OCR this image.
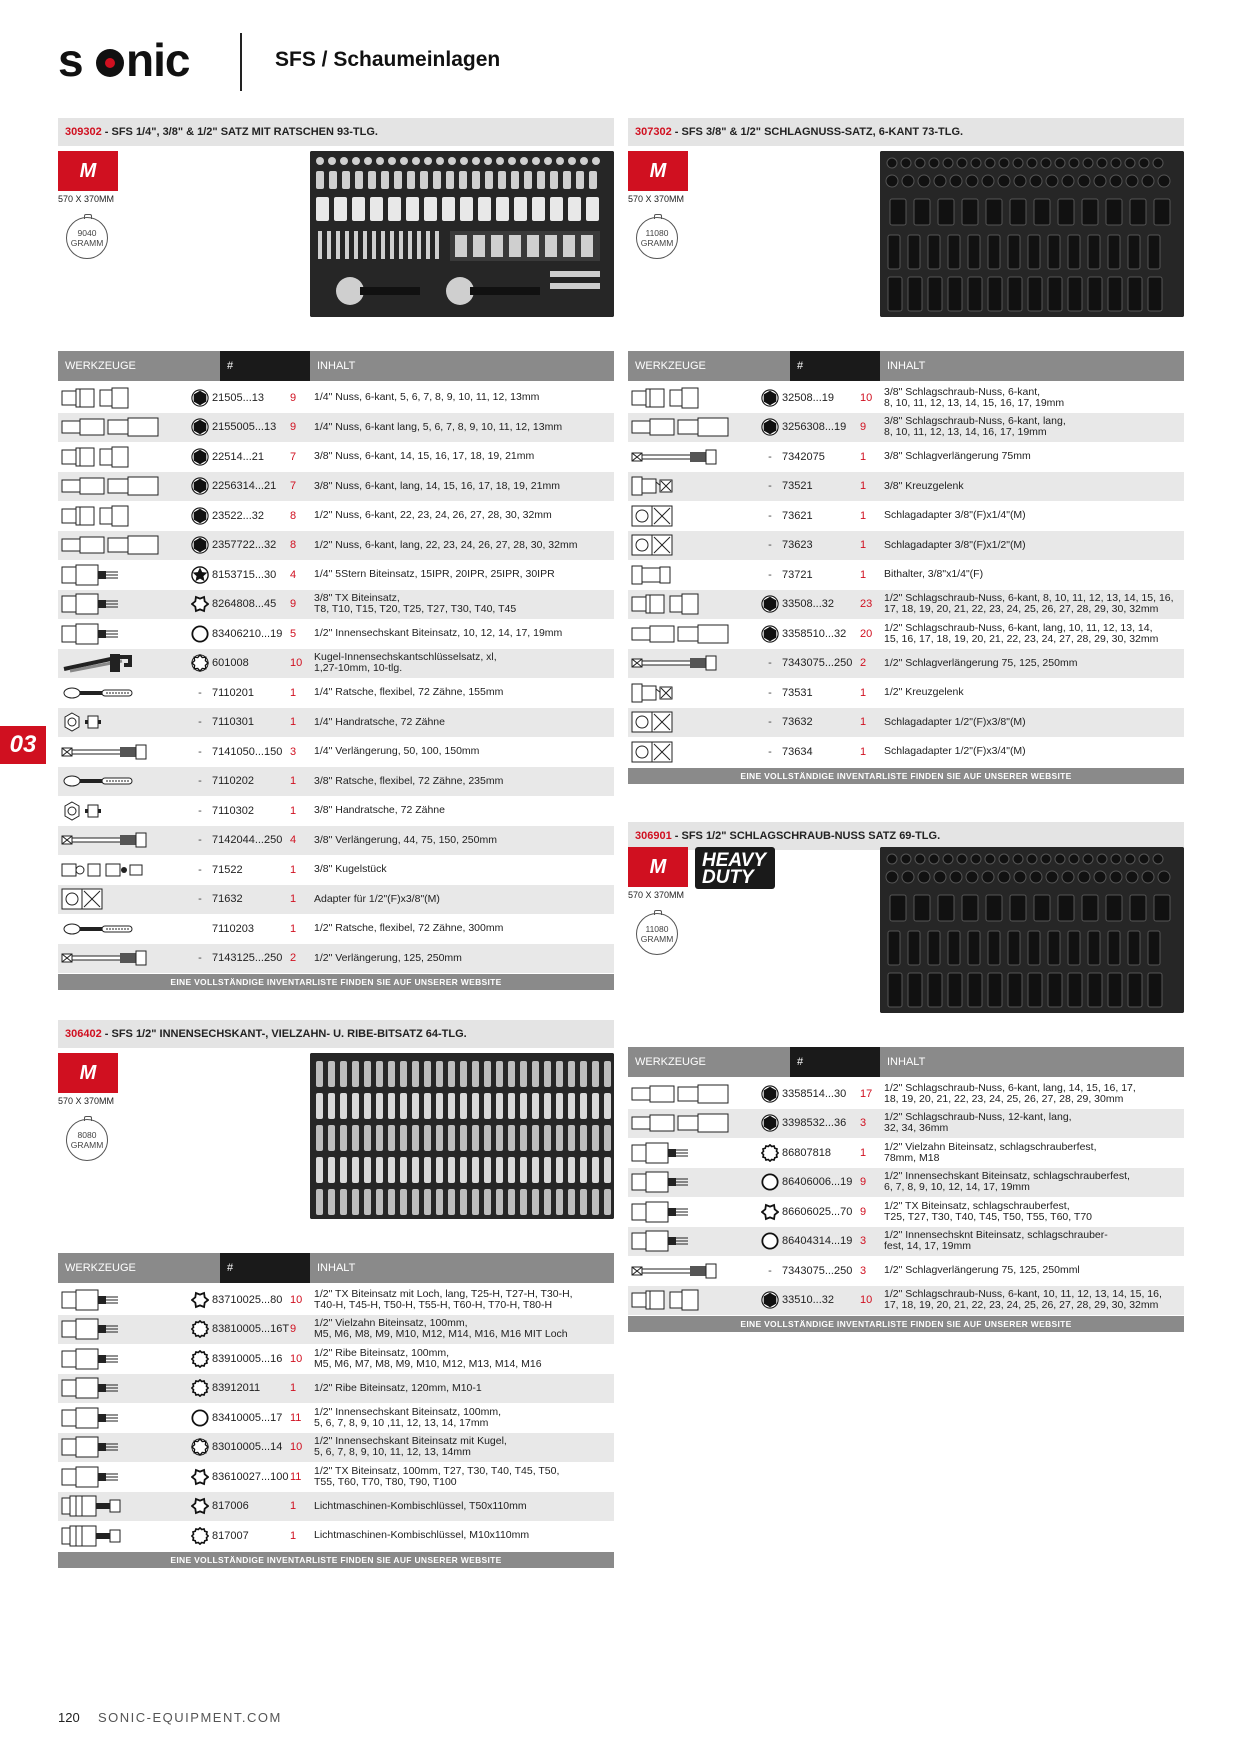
s nic	SFS / Schaumeinlagen
03
309302 - SFS 1/4", 3/8" & 1/2" SATZ MIT RATSCHEN 93-TLG.
M
570 X 370MM
9040
GRAMM
WERKZEUGE	#	INHALT
21505...13	9	1/4" Nuss, 6-kant, 5, 6, 7, 8, 9, 10, 11, 12, 13mm
2155005...13	9	1/4" Nuss, 6-kant lang, 5, 6, 7, 8, 9, 10, 11, 12, 13mm
22514...21	7	3/8" Nuss, 6-kant, 14, 15, 16, 17, 18, 19, 21mm
2256314...21	7	3/8" Nuss, 6-kant, lang, 14, 15, 16, 17, 18, 19, 21mm
23522...32	8	1/2" Nuss, 6-kant, 22, 23, 24, 26, 27, 28, 30, 32mm
2357722...32	8	1/2" Nuss, 6-kant, lang, 22, 23, 24, 26, 27, 28, 30, 32mm
8153715...30	4	1/4" 5Stern Biteinsatz, 15IPR, 20IPR, 25IPR, 30IPR
8264808...45	9	3/8" TX Biteinsatz,
T8, T10, T15, T20, T25, T27, T30, T40, T45
83406210...19 5	1/2" Innensechskant Biteinsatz, 10, 12, 14, 17, 19mm
601008	10	Kugel-Innensechskantschlüsselsatz, xl,
1,27-10mm, 10-tlg.
- 7110201	1	1/4" Ratsche, flexibel, 72 Zähne, 155mm
- 7110301	1	1/4" Handratsche, 72 Zähne
- 7141050...150 3	1/4" Verlängerung, 50, 100, 150mm
- 7110202	1	3/8" Ratsche, flexibel, 72 Zähne, 235mm
- 7110302	1	3/8" Handratsche, 72 Zähne
- 7142044...250 4	3/8" Verlängerung, 44, 75, 150, 250mm
- 71522	1	3/8" Kugelstück
- 71632	1	Adapter für 1/2"(F)x3/8"(M)
7110203	1	1/2" Ratsche, flexibel, 72 Zähne, 300mm
- 7143125...250 2	1/2" Verlängerung, 125, 250mm
EINE VOLLSTÄNDIGE INVENTARLISTE FINDEN SIE AUF UNSERER WEBSITE
306402 - SFS 1/2" INNENSECHSKANT-, VIELZAHN- U. RIBE-BITSATZ 64-TLG.
M
570 X 370MM
8080
GRAMM
WERKZEUGE	#	INHALT
83710025...80 10	1/2" TX Biteinsatz mit Loch, lang, T25-H, T27-H, T30-H,
T40-H, T45-H, T50-H, T55-H, T60-H, T70-H, T80-H
83810005...16T 9	1/2" Vielzahn Biteinsatz, 100mm,
M5, M6, M8, M9, M10, M12, M14, M16, M16 MIT Loch
83910005...16 10	1/2" Ribe Biteinsatz, 100mm,
M5, M6, M7, M8, M9, M10, M12, M13, M14, M16
83912011	1	1/2" Ribe Biteinsatz, 120mm, M10-1
83410005...17 11	1/2" Innensechskant Biteinsatz, 100mm,
5, 6, 7, 8, 9, 10 ,11, 12, 13, 14, 17mm
83010005...14 10	1/2" Innensechskant Biteinsatz mit Kugel,
5, 6, 7, 8, 9, 10, 11, 12, 13, 14mm
83610027...100 11	1/2" TX Biteinsatz, 100mm, T27, T30, T40, T45, T50,
T55, T60, T70, T80, T90, T100
817006	1	Lichtmaschinen-Kombischlüssel, T50x110mm
817007	1	Lichtmaschinen-Kombischlüssel, M10x110mm
EINE VOLLSTÄNDIGE INVENTARLISTE FINDEN SIE AUF UNSERER WEBSITE
307302 - SFS 3/8" & 1/2" SCHLAGNUSS-SATZ, 6-KANT 73-TLG.
M
570 X 370MM
11080
GRAMM
WERKZEUGE	#	INHALT
32508...19	10	3/8" Schlagschraub-Nuss, 6-kant,
8, 10, 11, 12, 13, 14, 15, 16, 17, 19mm
3256308...19	9	3/8" Schlagschraub-Nuss, 6-kant, lang,
8, 10, 11, 12, 13, 14, 16, 17, 19mm
- 7342075	1	3/8" Schlagverlängerung 75mm
- 73521	1	3/8" Kreuzgelenk
- 73621	1	Schlagadapter 3/8"(F)x1/4"(M)
- 73623	1	Schlagadapter 3/8"(F)x1/2"(M)
- 73721	1	Bithalter, 3/8"x1/4"(F)
33508...32	23	1/2" Schlagschraub-Nuss, 6-kant, 8, 10, 11, 12, 13, 14, 15, 16,
17, 18, 19, 20, 21, 22, 23, 24, 25, 26, 27, 28, 29, 30, 32mm
3358510...32	20	1/2" Schlagschraub-Nuss, 6-kant, lang, 10, 11, 12, 13, 14,
15, 16, 17, 18, 19, 20, 21, 22, 23, 24, 27, 28, 29, 30, 32mm
- 7343075...250 2	1/2" Schlagverlängerung 75, 125, 250mm
- 73531	1	1/2" Kreuzgelenk
- 73632	1	Schlagadapter 1/2"(F)x3/8"(M)
- 73634	1	Schlagadapter 1/2"(F)x3/4"(M)
EINE VOLLSTÄNDIGE INVENTARLISTE FINDEN SIE AUF UNSERER WEBSITE
306901 - SFS 1/2" SCHLAGSCHRAUB-NUSS SATZ 69-TLG.
M	HEAVY
DUTY
570 X 370MM
11080
GRAMM
WERKZEUGE	#	INHALT
3358514...30	17	1/2" Schlagschraub-Nuss, 6-kant, lang, 14, 15, 16, 17,
18, 19, 20, 21, 22, 23, 24, 25, 26, 27, 28, 29, 30mm
3398532...36	3	1/2" Schlagschraub-Nuss, 12-kant, lang,
32, 34, 36mm
86807818	1	1/2" Vielzahn Biteinsatz, schlagschrauberfest,
78mm, M18
86406006...19 9	1/2" Innensechskant Biteinsatz, schlagschrauberfest,
6, 7, 8, 9, 10, 12, 14, 17, 19mm
86606025...70 9	1/2" TX Biteinsatz, schlagschrauberfest,
T25, T27, T30, T40, T45, T50, T55, T60, T70
86404314...19 3	1/2" Innensechsknt Biteinsatz, schlagschrauber-
fest, 14, 17, 19mm
- 7343075...250 3	1/2" Schlagverlängerung 75, 125, 250mml
33510...32	10	1/2" Schlagschraub-Nuss, 6-kant, 10, 11, 12, 13, 14, 15, 16,
17, 18, 19, 20, 21, 22, 23, 24, 25, 26, 27, 28, 29, 30, 32mm
EINE VOLLSTÄNDIGE INVENTARLISTE FINDEN SIE AUF UNSERER WEBSITE
120 SONIC-EQUIPMENT.COM
